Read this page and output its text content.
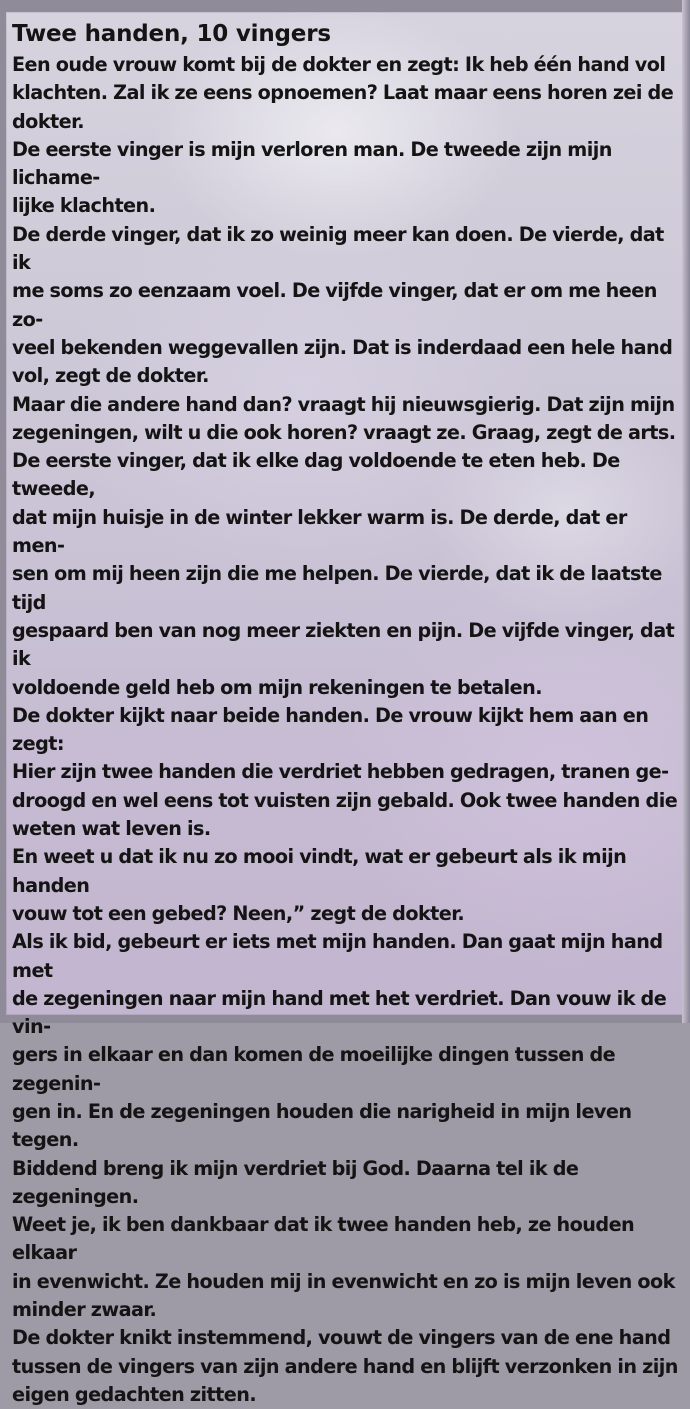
Twee handen, 10 vingers

Een oude vrouw komt bij de dokter en zegt: Ik heb één hand vol
klachten. Zal ik ze eens opnoemen? Laat maar eens horen zei de
dokter.

De eerste vinger is mijn verloren man. De tweede zijn mijn lichame-
lijke klachten.

De derde vinger, dat ik zo weinig meer kan doen. De vierde, dat ik
me soms zo eenzaam voel. De vijfde vinger, dat er om me heen zo-
veel bekenden weggevallen zijn. Dat is inderdaad een hele hand
vol, zegt de dokter.

Maar die andere hand dan? vraagt hij nieuwsgierig. Dat zijn mijn
zegeningen, wilt u die ook horen? vraagt ze. Graag, zegt de arts.

De eerste vinger, dat ik elke dag voldoende te eten heb. De tweede,
dat mijn huisje in de winter lekker warm is. De derde, dat er men-
sen om mij heen zijn die me helpen. De vierde, dat ik de laatste tijd
gespaard ben van nog meer ziekten en pijn. De vijfde vinger, dat ik
voldoende geld heb om mijn rekeningen te betalen.

De dokter kijkt naar beide handen. De vrouw kijkt hem aan en zegt:
Hier zijn twee handen die verdriet hebben gedragen, tranen ge-
droogd en wel eens tot vuisten zijn gebald. Ook twee handen die
weten wat leven is.

En weet u dat ik nu zo mooi vindt, wat er gebeurt als ik mijn handen
vouw tot een gebed? Neen,” zegt de dokter.

Als ik bid, gebeurt er iets met mijn handen. Dan gaat mijn hand met
de zegeningen naar mijn hand met het verdriet. Dan vouw ik de vin-
gers in elkaar en dan komen de moeilijke dingen tussen de zegenin-
gen in. En de zegeningen houden die narigheid in mijn leven tegen.
Biddend breng ik mijn verdriet bij God. Daarna tel ik de zegeningen.
Weet je, ik ben dankbaar dat ik twee handen heb, ze houden elkaar
in evenwicht. Ze houden mij in evenwicht en zo is mijn leven ook
minder zwaar.

De dokter knikt instemmend, vouwt de vingers van de ene hand
tussen de vingers van zijn andere hand en blijft verzonken in zijn
eigen gedachten zitten.
